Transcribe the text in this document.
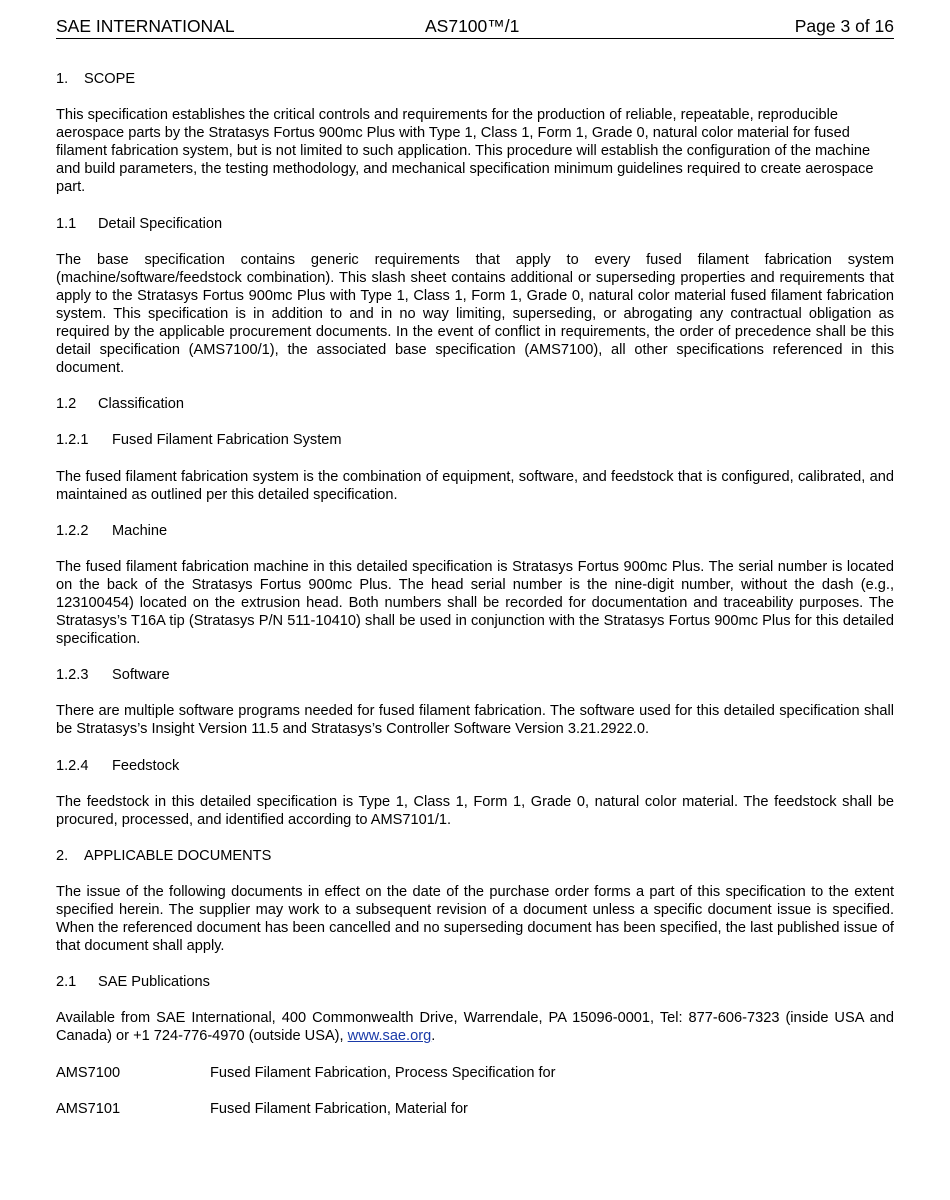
SAE INTERNATIONAL	AS7100™/1	Page 3 of 16

1. SCOPE

This specification establishes the critical controls and requirements for the production of reliable, repeatable, reproducible aerospace parts by the Stratasys Fortus 900mc Plus with Type 1, Class 1, Form 1, Grade 0, natural color material for fused filament fabrication system, but is not limited to such application. This procedure will establish the configuration of the machine and build parameters, the testing methodology, and mechanical specification minimum guidelines required to create aerospace part.

1.1 Detail Specification

The base specification contains generic requirements that apply to every fused filament fabrication system (machine/software/feedstock combination). This slash sheet contains additional or superseding properties and requirements that apply to the Stratasys Fortus 900mc Plus with Type 1, Class 1, Form 1, Grade 0, natural color material fused filament fabrication system. This specification is in addition to and in no way limiting, superseding, or abrogating any contractual obligation as required by the applicable procurement documents. In the event of conflict in requirements, the order of precedence shall be this detail specification (AMS7100/1), the associated base specification (AMS7100), all other specifications referenced in this document.

1.2 Classification

1.2.1 Fused Filament Fabrication System

The fused filament fabrication system is the combination of equipment, software, and feedstock that is configured, calibrated, and maintained as outlined per this detailed specification.

1.2.2 Machine

The fused filament fabrication machine in this detailed specification is Stratasys Fortus 900mc Plus. The serial number is located on the back of the Stratasys Fortus 900mc Plus. The head serial number is the nine-digit number, without the dash (e.g., 123100454) located on the extrusion head. Both numbers shall be recorded for documentation and traceability purposes. The Stratasys’s T16A tip (Stratasys P/N 511-10410) shall be used in conjunction with the Stratasys Fortus 900mc Plus for this detailed specification.

1.2.3 Software

There are multiple software programs needed for fused filament fabrication. The software used for this detailed specification shall be Stratasys’s Insight Version 11.5 and Stratasys’s Controller Software Version 3.21.2922.0.

1.2.4 Feedstock

The feedstock in this detailed specification is Type 1, Class 1, Form 1, Grade 0, natural color material. The feedstock shall be procured, processed, and identified according to AMS7101/1.

2. APPLICABLE DOCUMENTS

The issue of the following documents in effect on the date of the purchase order forms a part of this specification to the extent specified herein. The supplier may work to a subsequent revision of a document unless a specific document issue is specified. When the referenced document has been cancelled and no superseding document has been specified, the last published issue of that document shall apply.

2.1 SAE Publications

Available from SAE International, 400 Commonwealth Drive, Warrendale, PA 15096-0001, Tel: 877-606-7323 (inside USA and Canada) or +1 724-776-4970 (outside USA), www.sae.org.

AMS7100	Fused Filament Fabrication, Process Specification for

AMS7101	Fused Filament Fabrication, Material for
